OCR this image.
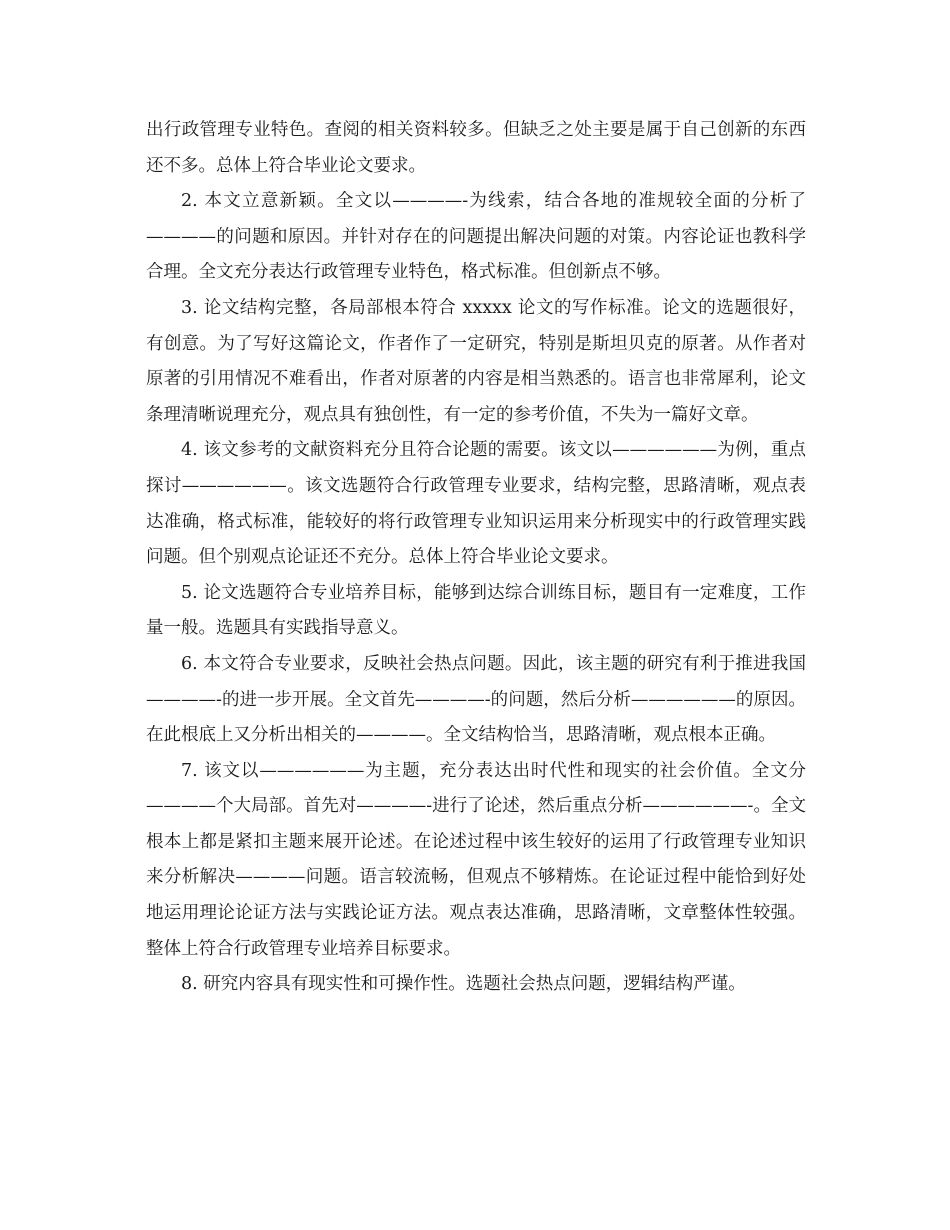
出行政管理专业特色。查阅的相关资料较多。但缺乏之处主要是属于自己创新的东西还不多。总体上符合毕业论文要求。

2. 本文立意新颖。全文以————-为线索，结合各地的准规较全面的分析了————的问题和原因。并针对存在的问题提出解决问题的对策。内容论证也教科学合理。全文充分表达行政管理专业特色，格式标准。但创新点不够。

3. 论文结构完整，各局部根本符合 xxxxx 论文的写作标准。论文的选题很好，有创意。为了写好这篇论文，作者作了一定研究，特别是斯坦贝克的原著。从作者对原著的引用情况不难看出，作者对原著的内容是相当熟悉的。语言也非常犀利，论文条理清晰说理充分，观点具有独创性，有一定的参考价值，不失为一篇好文章。

4. 该文参考的文献资料充分且符合论题的需要。该文以——————为例，重点探讨——————。该文选题符合行政管理专业要求，结构完整，思路清晰，观点表达准确，格式标准，能较好的将行政管理专业知识运用来分析现实中的行政管理实践问题。但个别观点论证还不充分。总体上符合毕业论文要求。

5. 论文选题符合专业培养目标，能够到达综合训练目标，题目有一定难度，工作量一般。选题具有实践指导意义。

6. 本文符合专业要求，反映社会热点问题。因此，该主题的研究有利于推进我国————-的进一步开展。全文首先————-的问题，然后分析——————的原因。在此根底上又分析出相关的————。全文结构恰当，思路清晰，观点根本正确。

7. 该文以——————为主题，充分表达出时代性和现实的社会价值。全文分————个大局部。首先对————-进行了论述，然后重点分析——————-。全文根本上都是紧扣主题来展开论述。在论述过程中该生较好的运用了行政管理专业知识来分析解决————问题。语言较流畅，但观点不够精炼。在论证过程中能恰到好处地运用理论论证方法与实践论证方法。观点表达准确，思路清晰，文章整体性较强。整体上符合行政管理专业培养目标要求。

8. 研究内容具有现实性和可操作性。选题社会热点问题，逻辑结构严谨。
